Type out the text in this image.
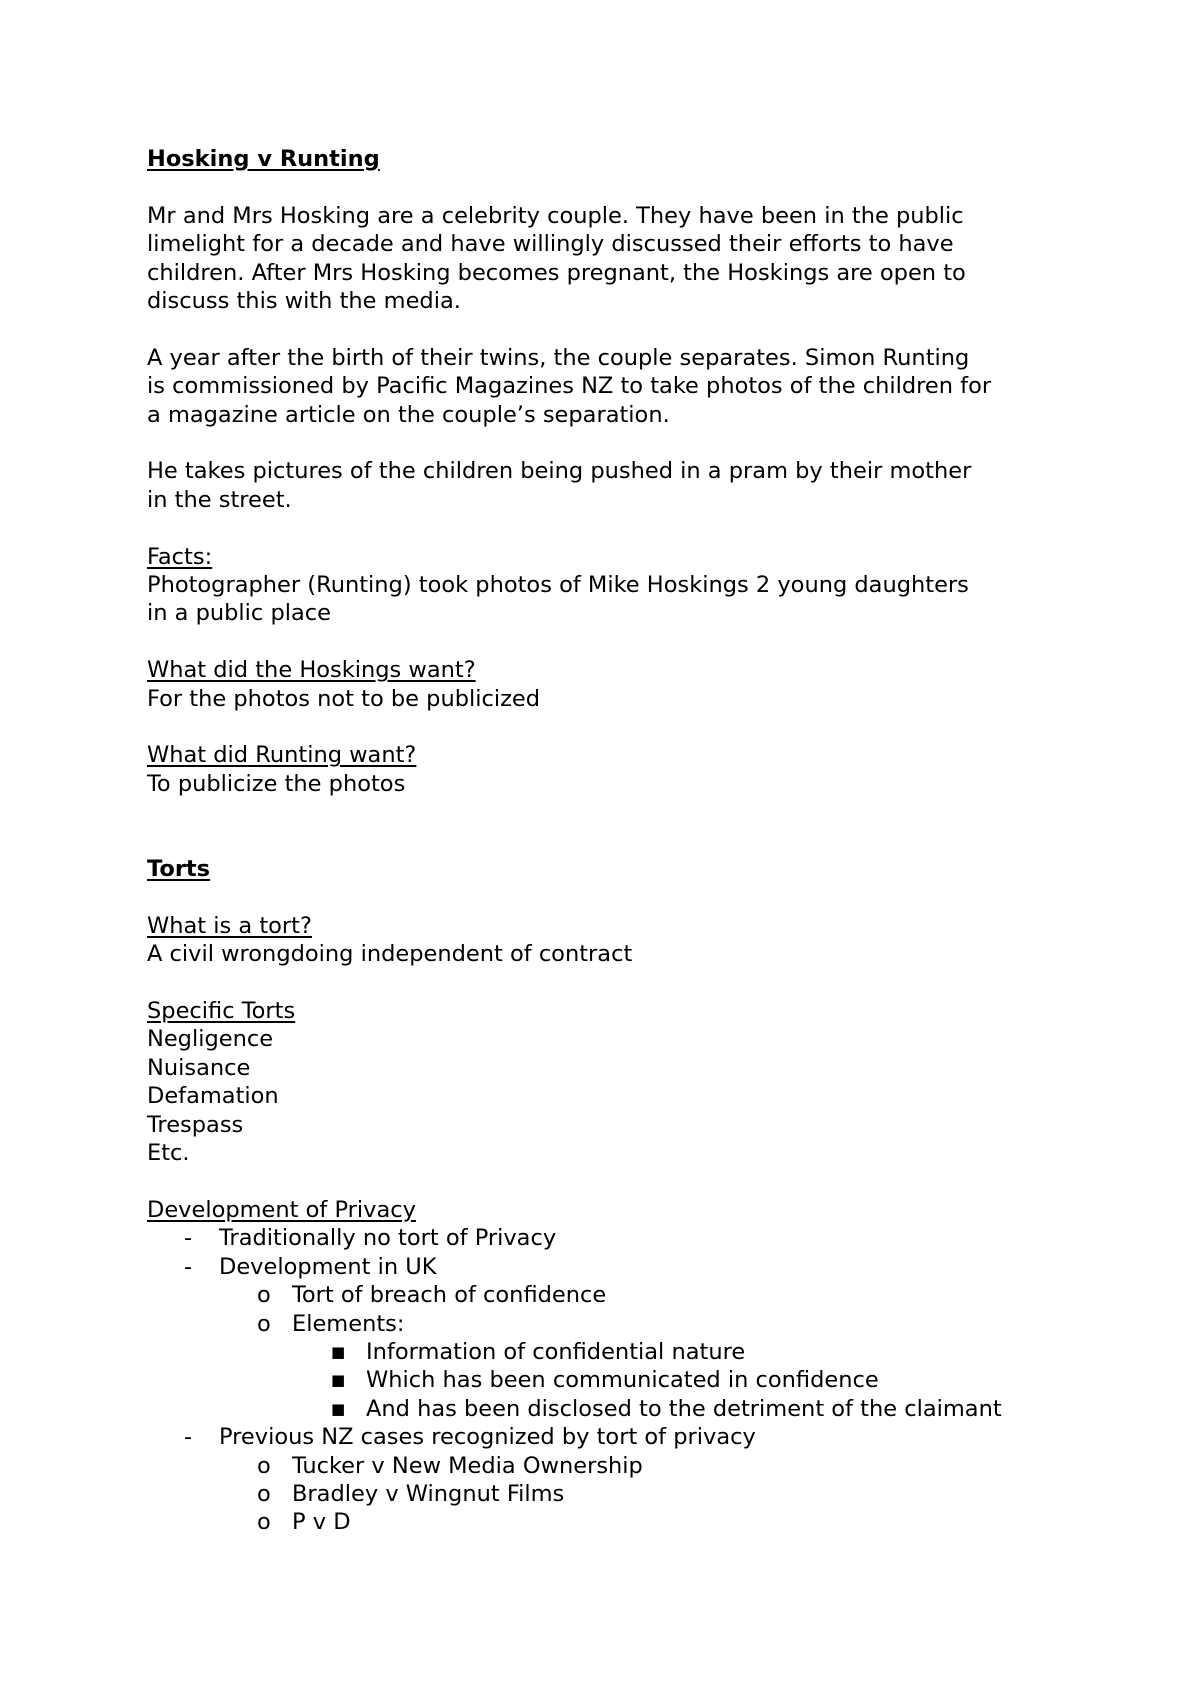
Hosking v Runting

Mr and Mrs Hosking are a celebrity couple. They have been in the public

limelight for a decade and have willingly discussed their efforts to have

children. After Mrs Hosking becomes pregnant, the Hoskings are open to

discuss this with the media.

A year after the birth of their twins, the couple separates. Simon Runting

is commissioned by Pacific Magazines NZ to take photos of the children for

a magazine article on the couple’s separation.

He takes pictures of the children being pushed in a pram by their mother

in the street.

Facts:

Photographer (Runting) took photos of Mike Hoskings 2 young daughters

in a public place

What did the Hoskings want?

For the photos not to be publicized

What did Runting want?

To publicize the photos

Torts

What is a tort?

A civil wrongdoing independent of contract

Specific Torts

Negligence

Nuisance

Defamation

Trespass

Etc.

Development of Privacy

- Traditionally no tort of Privacy

- Development in UK

o Tort of breach of confidence

o Elements:

■ Information of confidential nature

■ Which has been communicated in confidence

■ And has been disclosed to the detriment of the claimant

- Previous NZ cases recognized by tort of privacy

o Tucker v New Media Ownership

o Bradley v Wingnut Films

o P v D
